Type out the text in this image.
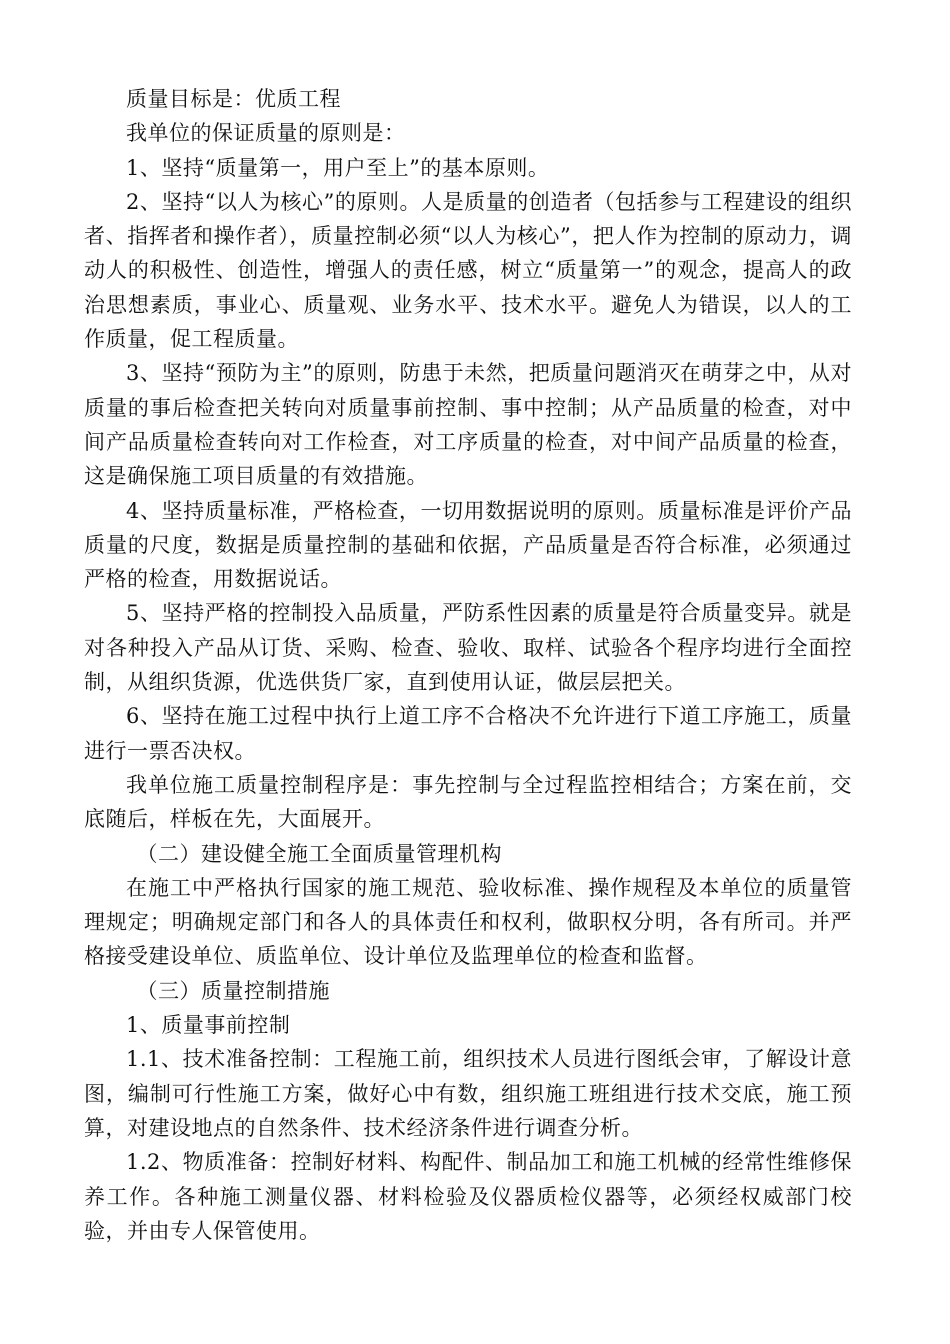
质量目标是：优质工程

我单位的保证质量的原则是：

1、坚持“质量第一，用户至上”的基本原则。

2、坚持“以人为核心”的原则。人是质量的创造者（包括参与工程建设的组织者、指挥者和操作者），质量控制必须“以人为核心”，把人作为控制的原动力，调动人的积极性、创造性，增强人的责任感，树立“质量第一”的观念，提高人的政治思想素质，事业心、质量观、业务水平、技术水平。避免人为错误，以人的工作质量，促工程质量。

3、坚持“预防为主”的原则，防患于未然，把质量问题消灭在萌芽之中，从对质量的事后检查把关转向对质量事前控制、事中控制；从产品质量的检查，对中间产品质量检查转向对工作检查，对工序质量的检查，对中间产品质量的检查，这是确保施工项目质量的有效措施。

4、坚持质量标准，严格检查，一切用数据说明的原则。质量标准是评价产品质量的尺度，数据是质量控制的基础和依据，产品质量是否符合标准，必须通过严格的检查，用数据说话。

5、坚持严格的控制投入品质量，严防系性因素的质量是符合质量变异。就是对各种投入产品从订货、采购、检查、验收、取样、试验各个程序均进行全面控制，从组织货源，优选供货厂家，直到使用认证，做层层把关。

6、坚持在施工过程中执行上道工序不合格决不允许进行下道工序施工，质量进行一票否决权。

我单位施工质量控制程序是：事先控制与全过程监控相结合；方案在前，交底随后，样板在先，大面展开。

（二）建设健全施工全面质量管理机构

在施工中严格执行国家的施工规范、验收标准、操作规程及本单位的质量管理规定；明确规定部门和各人的具体责任和权利，做职权分明，各有所司。并严格接受建设单位、质监单位、设计单位及监理单位的检查和监督。

（三）质量控制措施

1、质量事前控制

1.1、技术准备控制：工程施工前，组织技术人员进行图纸会审，了解设计意图，编制可行性施工方案，做好心中有数，组织施工班组进行技术交底，施工预算，对建设地点的自然条件、技术经济条件进行调查分析。

1.2、物质准备：控制好材料、构配件、制品加工和施工机械的经常性维修保养工作。各种施工测量仪器、材料检验及仪器质检仪器等，必须经权威部门校验，并由专人保管使用。
